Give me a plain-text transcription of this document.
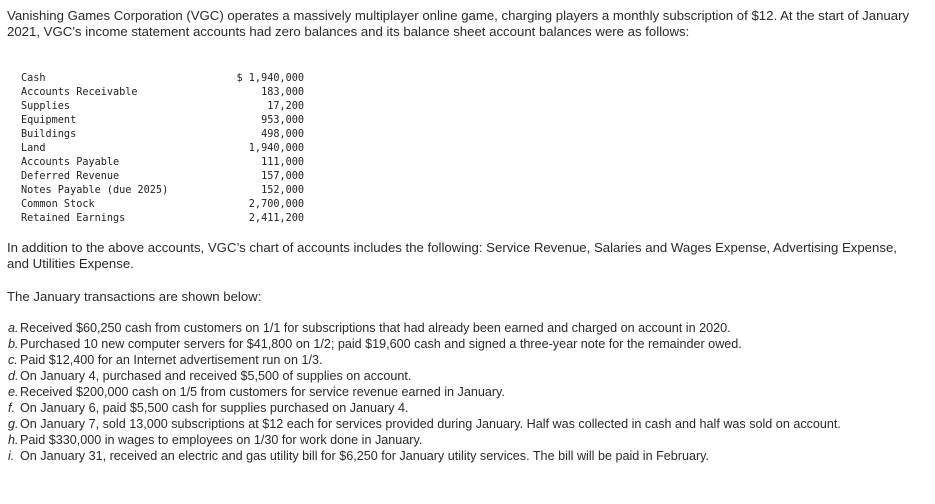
Vanishing Games Corporation (VGC) operates a massively multiplayer online game, charging players a monthly subscription of $12. At the start of January 2021, VGC’s income statement accounts had zero balances and its balance sheet account balances were as follows:

Cash	$ 1,940,000
Accounts Receivable	183,000
Supplies	17,200
Equipment	953,000
Buildings	498,000
Land	1,940,000
Accounts Payable	111,000
Deferred Revenue	157,000
Notes Payable (due 2025)	152,000
Common Stock	2,700,000
Retained Earnings	2,411,200

In addition to the above accounts, VGC’s chart of accounts includes the following: Service Revenue, Salaries and Wages Expense, Advertising Expense, and Utilities Expense.

The January transactions are shown below:

a. Received $60,250 cash from customers on 1/1 for subscriptions that had already been earned and charged on account in 2020.

b. Purchased 10 new computer servers for $41,800 on 1/2; paid $19,600 cash and signed a three-year note for the remainder owed.

c. Paid $12,400 for an Internet advertisement run on 1/3.

d. On January 4, purchased and received $5,500 of supplies on account.

e. Received $200,000 cash on 1/5 from customers for service revenue earned in January.

f. On January 6, paid $5,500 cash for supplies purchased on January 4.

g. On January 7, sold 13,000 subscriptions at $12 each for services provided during January. Half was collected in cash and half was sold on account.

h. Paid $330,000 in wages to employees on 1/30 for work done in January.

i. On January 31, received an electric and gas utility bill for $6,250 for January utility services. The bill will be paid in February.
